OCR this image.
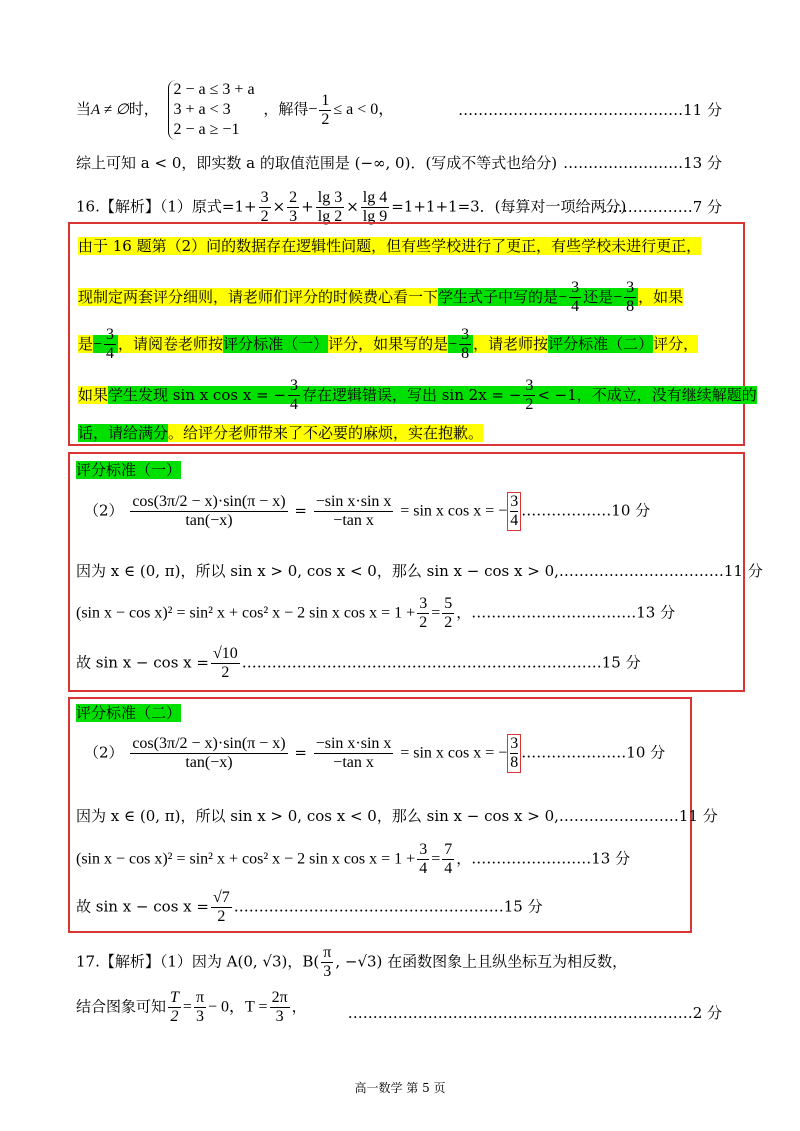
当A ≠ ∅时，
2 − a ≤ 3 + a
3 + a < 3
2 − a ≥ −1
，解得− $\frac{1}{2} \le a < 0$，	………………………………………11 分
综上可知 a < 0，即实数 a 的取值范围是 (−∞, 0)．(写成不等式也给分) ……………………13 分
16.【解析】（1）原式$=1+ \frac{3}{2} \times \frac{2}{3} + \frac{\lg 3}{\lg 2} \times \frac{\lg 4}{\lg 9} =1+1+1=3$．(每算对一项给两分)
………………7 分
由于 16 题第（2）问的数据存在逻辑性问题，但有些学校进行了更正，有些学校未进行更正，
现制定两套评分细则，请老师们评分的时候费心看一下学生式子中写的是− $\frac{3}{4}$ 还是− $\frac{3}{8}$ ，如果
是− $\frac{3}{4}$ ，请阅卷老师按评分标准（一）评分，如果写的是− $\frac{3}{8}$ ，请老师按评分标准（二）评分，
如果学生发现 sin x cos x = − $\frac{3}{4}$ 存在逻辑错误，写出 sin 2x = − $\frac{3}{2} < -1$，不成立，没有继续解题的
话，请给满分。给评分老师带来了不必要的麻烦，实在抱歉。
评分标准（一）
$(2) \frac{\cos(3\pi/2 - x)\cdot\sin(\pi - x)}{\tan(-x)} = \frac{\text{−sin x·sin x}}{\text{−tan x}} = \sin x$ cos x = − $\frac{3}{4}$ ………………10 分
因为 x ∈ (0, π)，所以 sin x > 0, cos x < 0，那么 sin x − cos x > 0,……………………………11 分
(sin x − cos x)² = sin² x + cos² x − 2 sin x $\cos x = 1 + \frac{3}{2} = \frac{5}{2}$ ，……………………………13 分
故 $\sin x - \cos x = \frac{√10}{2}$ ………………………………………………………………15 分
评分标准（二）
$(2) \frac{\cos(3\pi/2 - x)\cdot\sin(\pi - x)}{\tan(-x)} = \frac{\text{−sin x·sin x}}{\text{−tan x}} = \sin x$ cos x = − $\frac{3}{8}$ …………………10 分
因为 x ∈ (0, π)，所以 sin x > 0, cos x < 0，那么 sin x − cos x > 0,……………………11 分
(sin x − cos x)² = sin² x + cos² x − 2 sin x $\cos x = 1 + \frac{3}{4} = \frac{7}{4}$ ，……………………13 分
故 $\sin x - \cos x = \frac{√7}{2}$ ………………………………………………15 分
17.【解析】（1）因为 A(0, √3)，$B( \frac{\pi}{3}$ , −√3) 在函数图象上且纵坐标互为相反数，
结合图象可知 $\frac{T}{2} = \frac{\pi}{3} - 0$，$T = \frac{2\pi}{3}$ ，	……………………………………………………………2 分
高一数学 第 5 页
